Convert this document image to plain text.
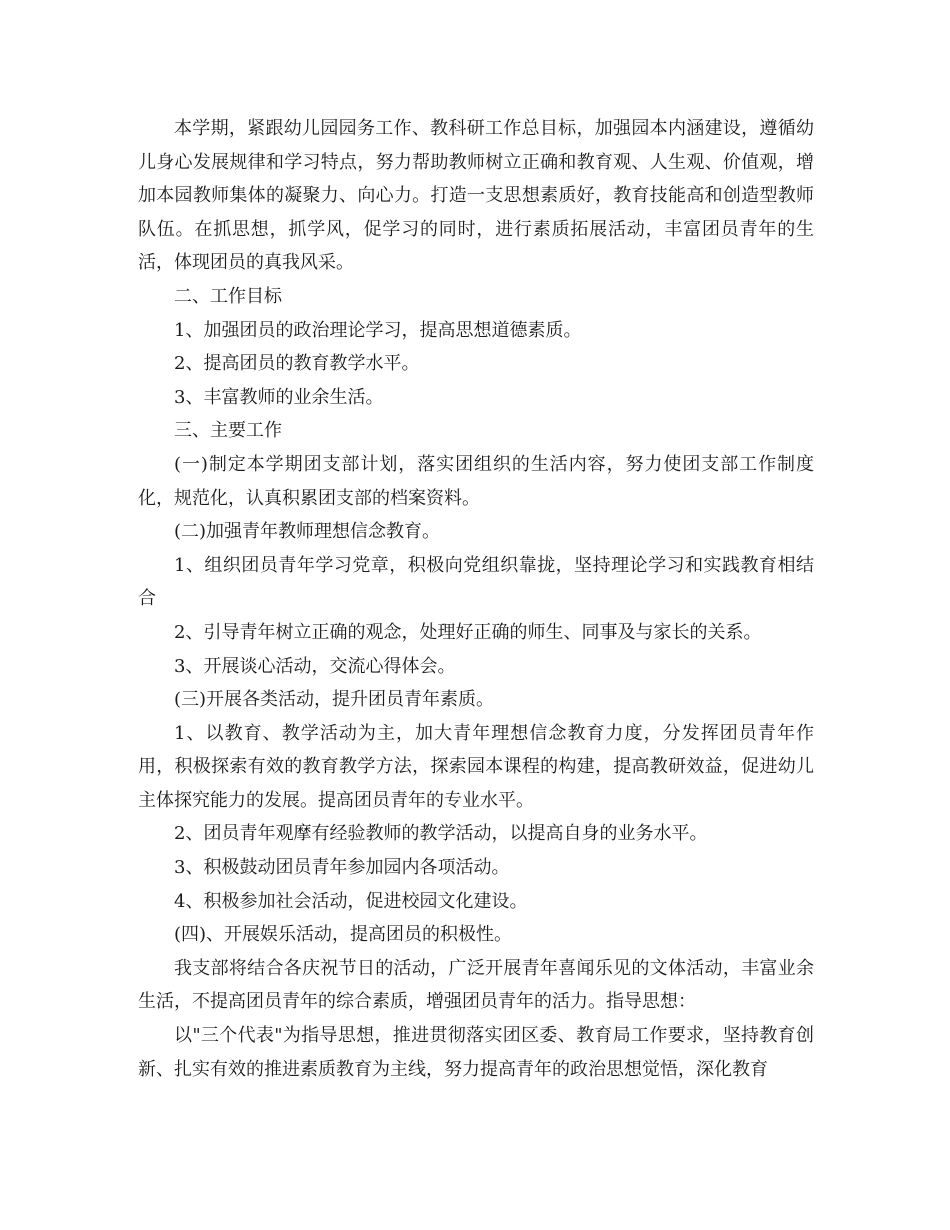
本学期，紧跟幼儿园园务工作、教科研工作总目标，加强园本内涵建设，遵循幼儿身心发展规律和学习特点，努力帮助教师树立正确和教育观、人生观、价值观，增加本园教师集体的凝聚力、向心力。打造一支思想素质好，教育技能高和创造型教师队伍。在抓思想，抓学风，促学习的同时，进行素质拓展活动，丰富团员青年的生活，体现团员的真我风采。

二、工作目标

1、加强团员的政治理论学习，提高思想道德素质。

2、提高团员的教育教学水平。

3、丰富教师的业余生活。

三、主要工作

(一)制定本学期团支部计划，落实团组织的生活内容，努力使团支部工作制度化，规范化，认真积累团支部的档案资料。

(二)加强青年教师理想信念教育。

1、组织团员青年学习党章，积极向党组织靠拢，坚持理论学习和实践教育相结合

2、引导青年树立正确的观念，处理好正确的师生、同事及与家长的关系。

3、开展谈心活动，交流心得体会。

(三)开展各类活动，提升团员青年素质。

1、以教育、教学活动为主，加大青年理想信念教育力度，分发挥团员青年作用，积极探索有效的教育教学方法，探索园本课程的构建，提高教研效益，促进幼儿主体探究能力的发展。提高团员青年的专业水平。

2、团员青年观摩有经验教师的教学活动，以提高自身的业务水平。

3、积极鼓动团员青年参加园内各项活动。

4、积极参加社会活动，促进校园文化建设。

(四)、开展娱乐活动，提高团员的积极性。

我支部将结合各庆祝节日的活动，广泛开展青年喜闻乐见的文体活动，丰富业余生活，不提高团员青年的综合素质，增强团员青年的活力。指导思想：

以"三个代表"为指导思想，推进贯彻落实团区委、教育局工作要求，坚持教育创新、扎实有效的推进素质教育为主线，努力提高青年的政治思想觉悟，深化教育
